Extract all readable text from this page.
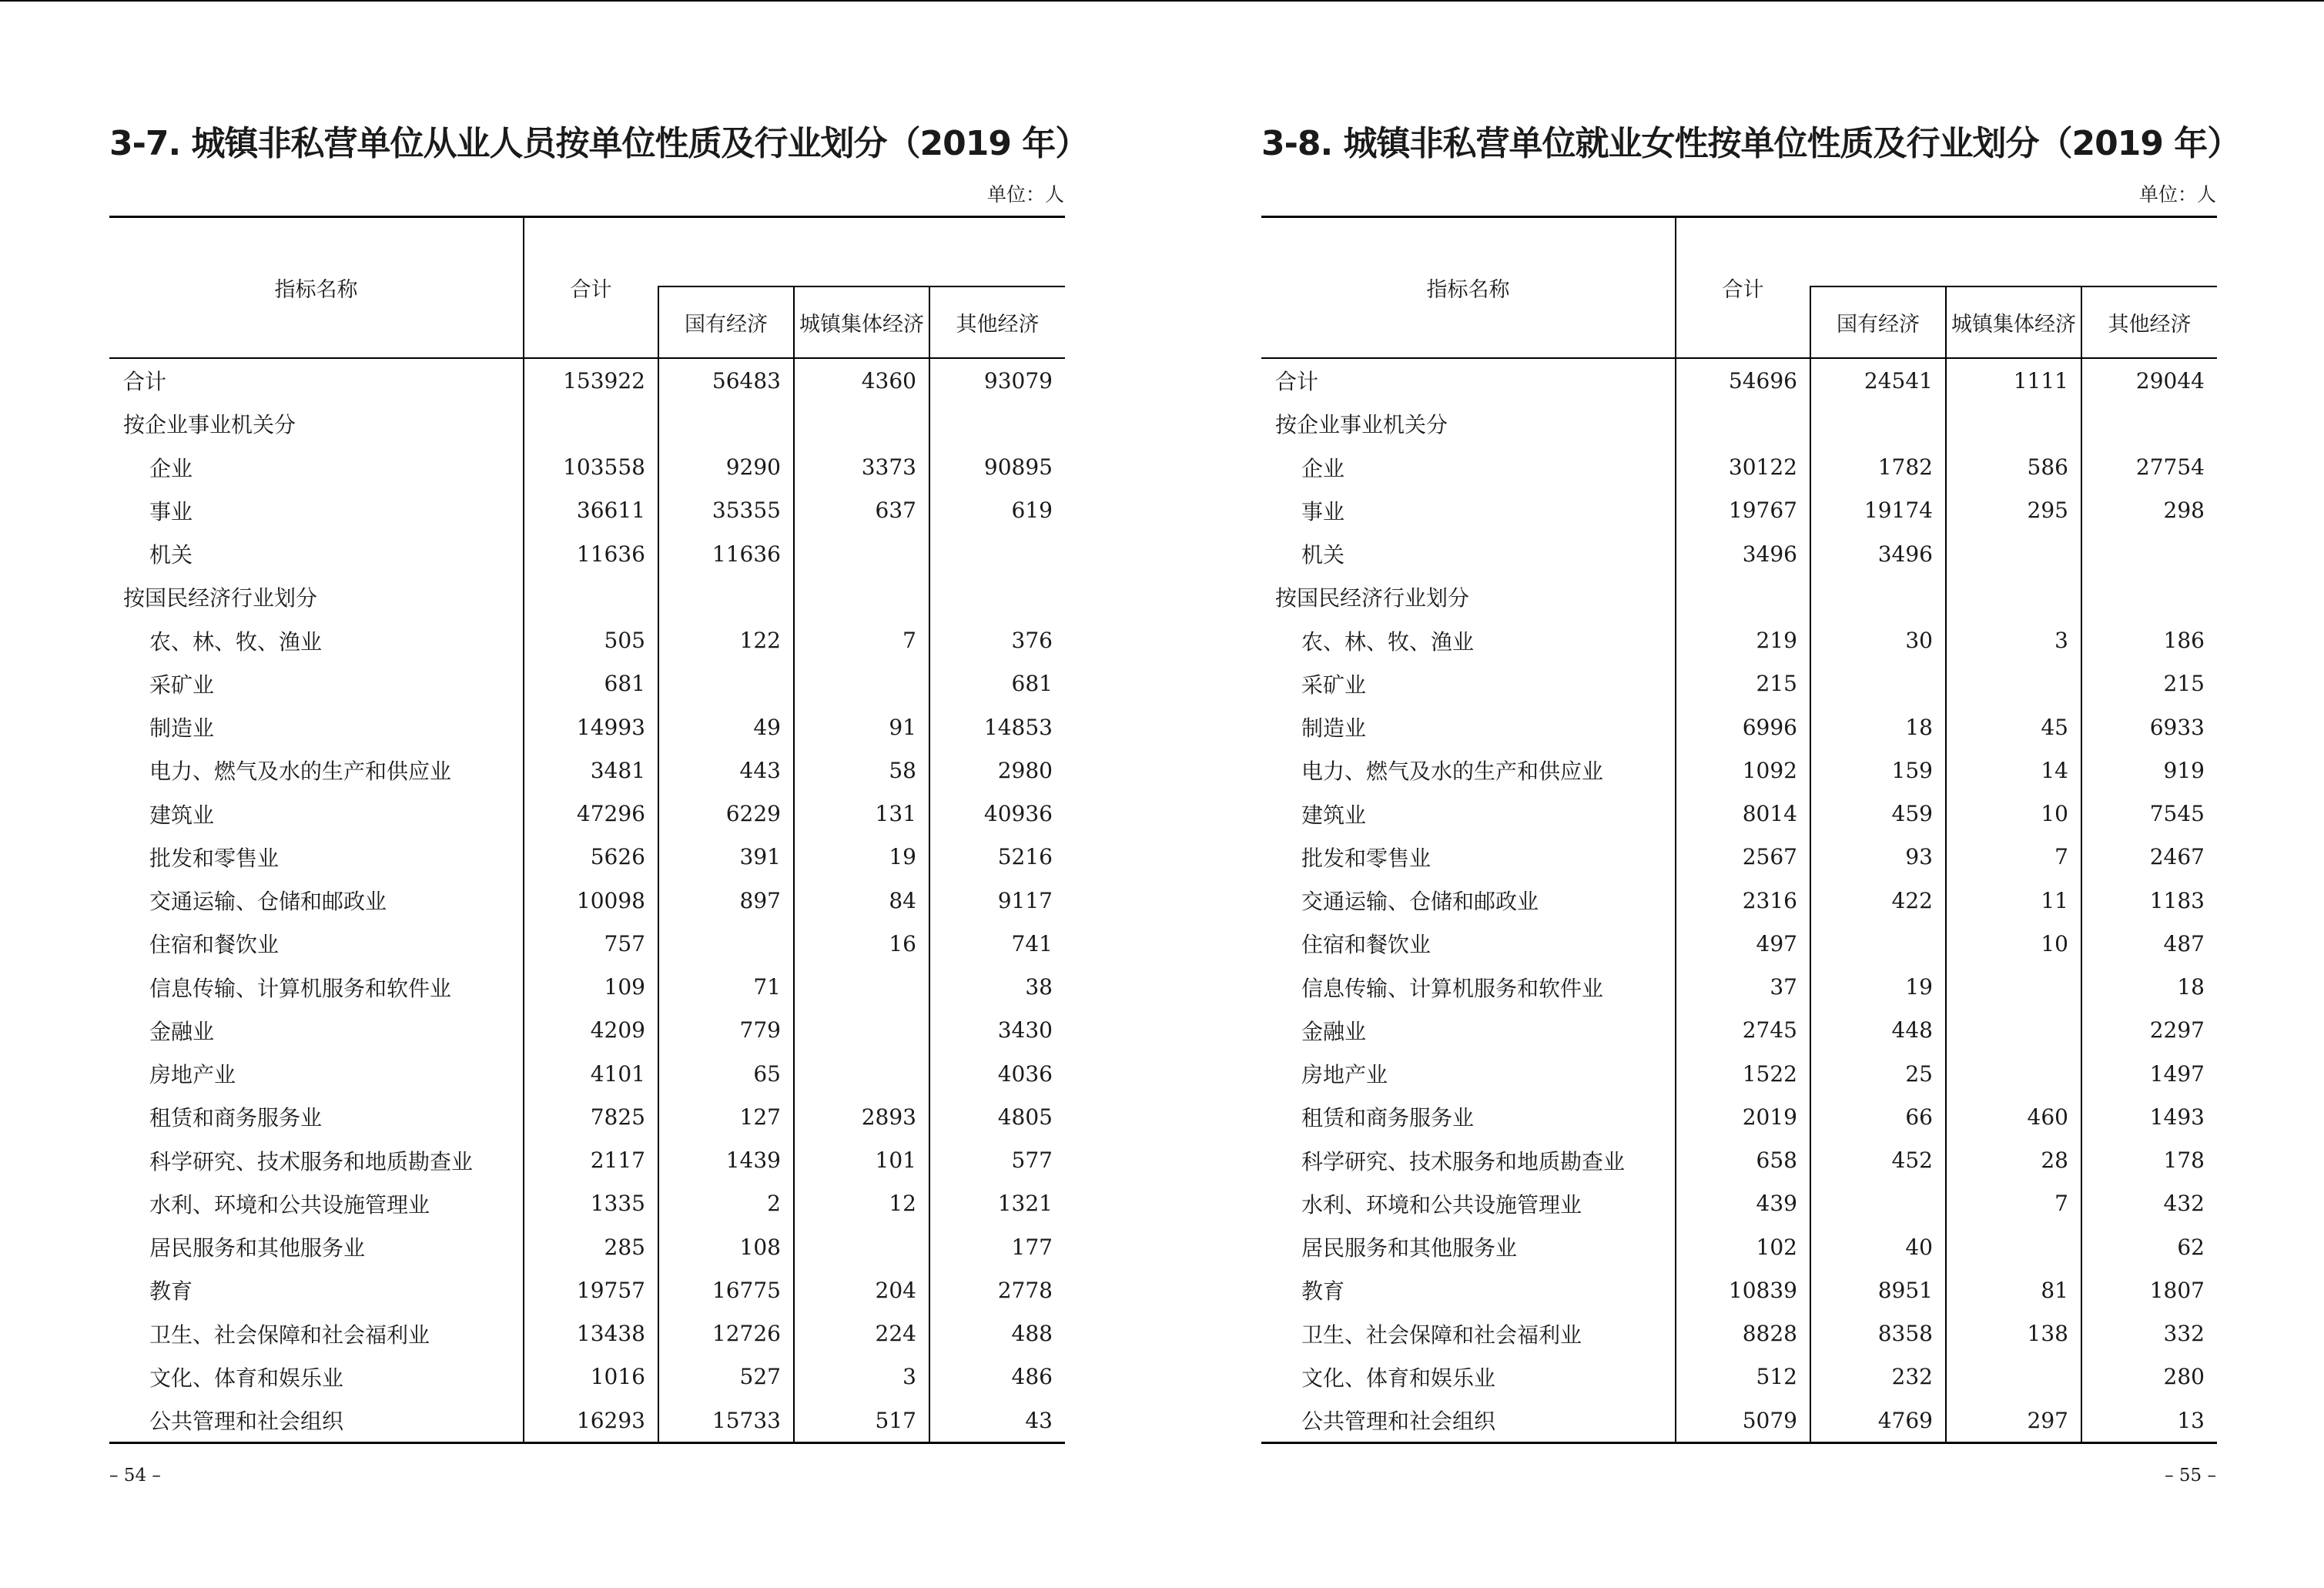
3-7. 城镇非私营单位从业人员按单位性质及行业划分（2019 年）
单位：人
指标名称	合计			
		国有经济	城镇集体经济	其他经济
合计	153922	56483	4360	93079
按企业事业机关分				
企业	103558	9290	3373	90895
事业	36611	35355	637	619
机关	11636	11636		
按国民经济行业划分				
农、林、牧、渔业	505	122	7	376
采矿业	681			681
制造业	14993	49	91	14853
电力、燃气及水的生产和供应业	3481	443	58	2980
建筑业	47296	6229	131	40936
批发和零售业	5626	391	19	5216
交通运输、仓储和邮政业	10098	897	84	9117
住宿和餐饮业	757		16	741
信息传输、计算机服务和软件业	109	71		38
金融业	4209	779		3430
房地产业	4101	65		4036
租赁和商务服务业	7825	127	2893	4805
科学研究、技术服务和地质勘查业	2117	1439	101	577
水利、环境和公共设施管理业	1335	2	12	1321
居民服务和其他服务业	285	108		177
教育	19757	16775	204	2778
卫生、社会保障和社会福利业	13438	12726	224	488
文化、体育和娱乐业	1016	527	3	486
公共管理和社会组织	16293	15733	517	43
– 54 –
3-8. 城镇非私营单位就业女性按单位性质及行业划分（2019 年）
单位：人
指标名称	合计			
		国有经济	城镇集体经济	其他经济
合计	54696	24541	1111	29044
按企业事业机关分				
企业	30122	1782	586	27754
事业	19767	19174	295	298
机关	3496	3496		
按国民经济行业划分				
农、林、牧、渔业	219	30	3	186
采矿业	215			215
制造业	6996	18	45	6933
电力、燃气及水的生产和供应业	1092	159	14	919
建筑业	8014	459	10	7545
批发和零售业	2567	93	7	2467
交通运输、仓储和邮政业	2316	422	11	1183
住宿和餐饮业	497		10	487
信息传输、计算机服务和软件业	37	19		18
金融业	2745	448		2297
房地产业	1522	25		1497
租赁和商务服务业	2019	66	460	1493
科学研究、技术服务和地质勘查业	658	452	28	178
水利、环境和公共设施管理业	439		7	432
居民服务和其他服务业	102	40		62
教育	10839	8951	81	1807
卫生、社会保障和社会福利业	8828	8358	138	332
文化、体育和娱乐业	512	232		280
公共管理和社会组织	5079	4769	297	13
– 55 –
